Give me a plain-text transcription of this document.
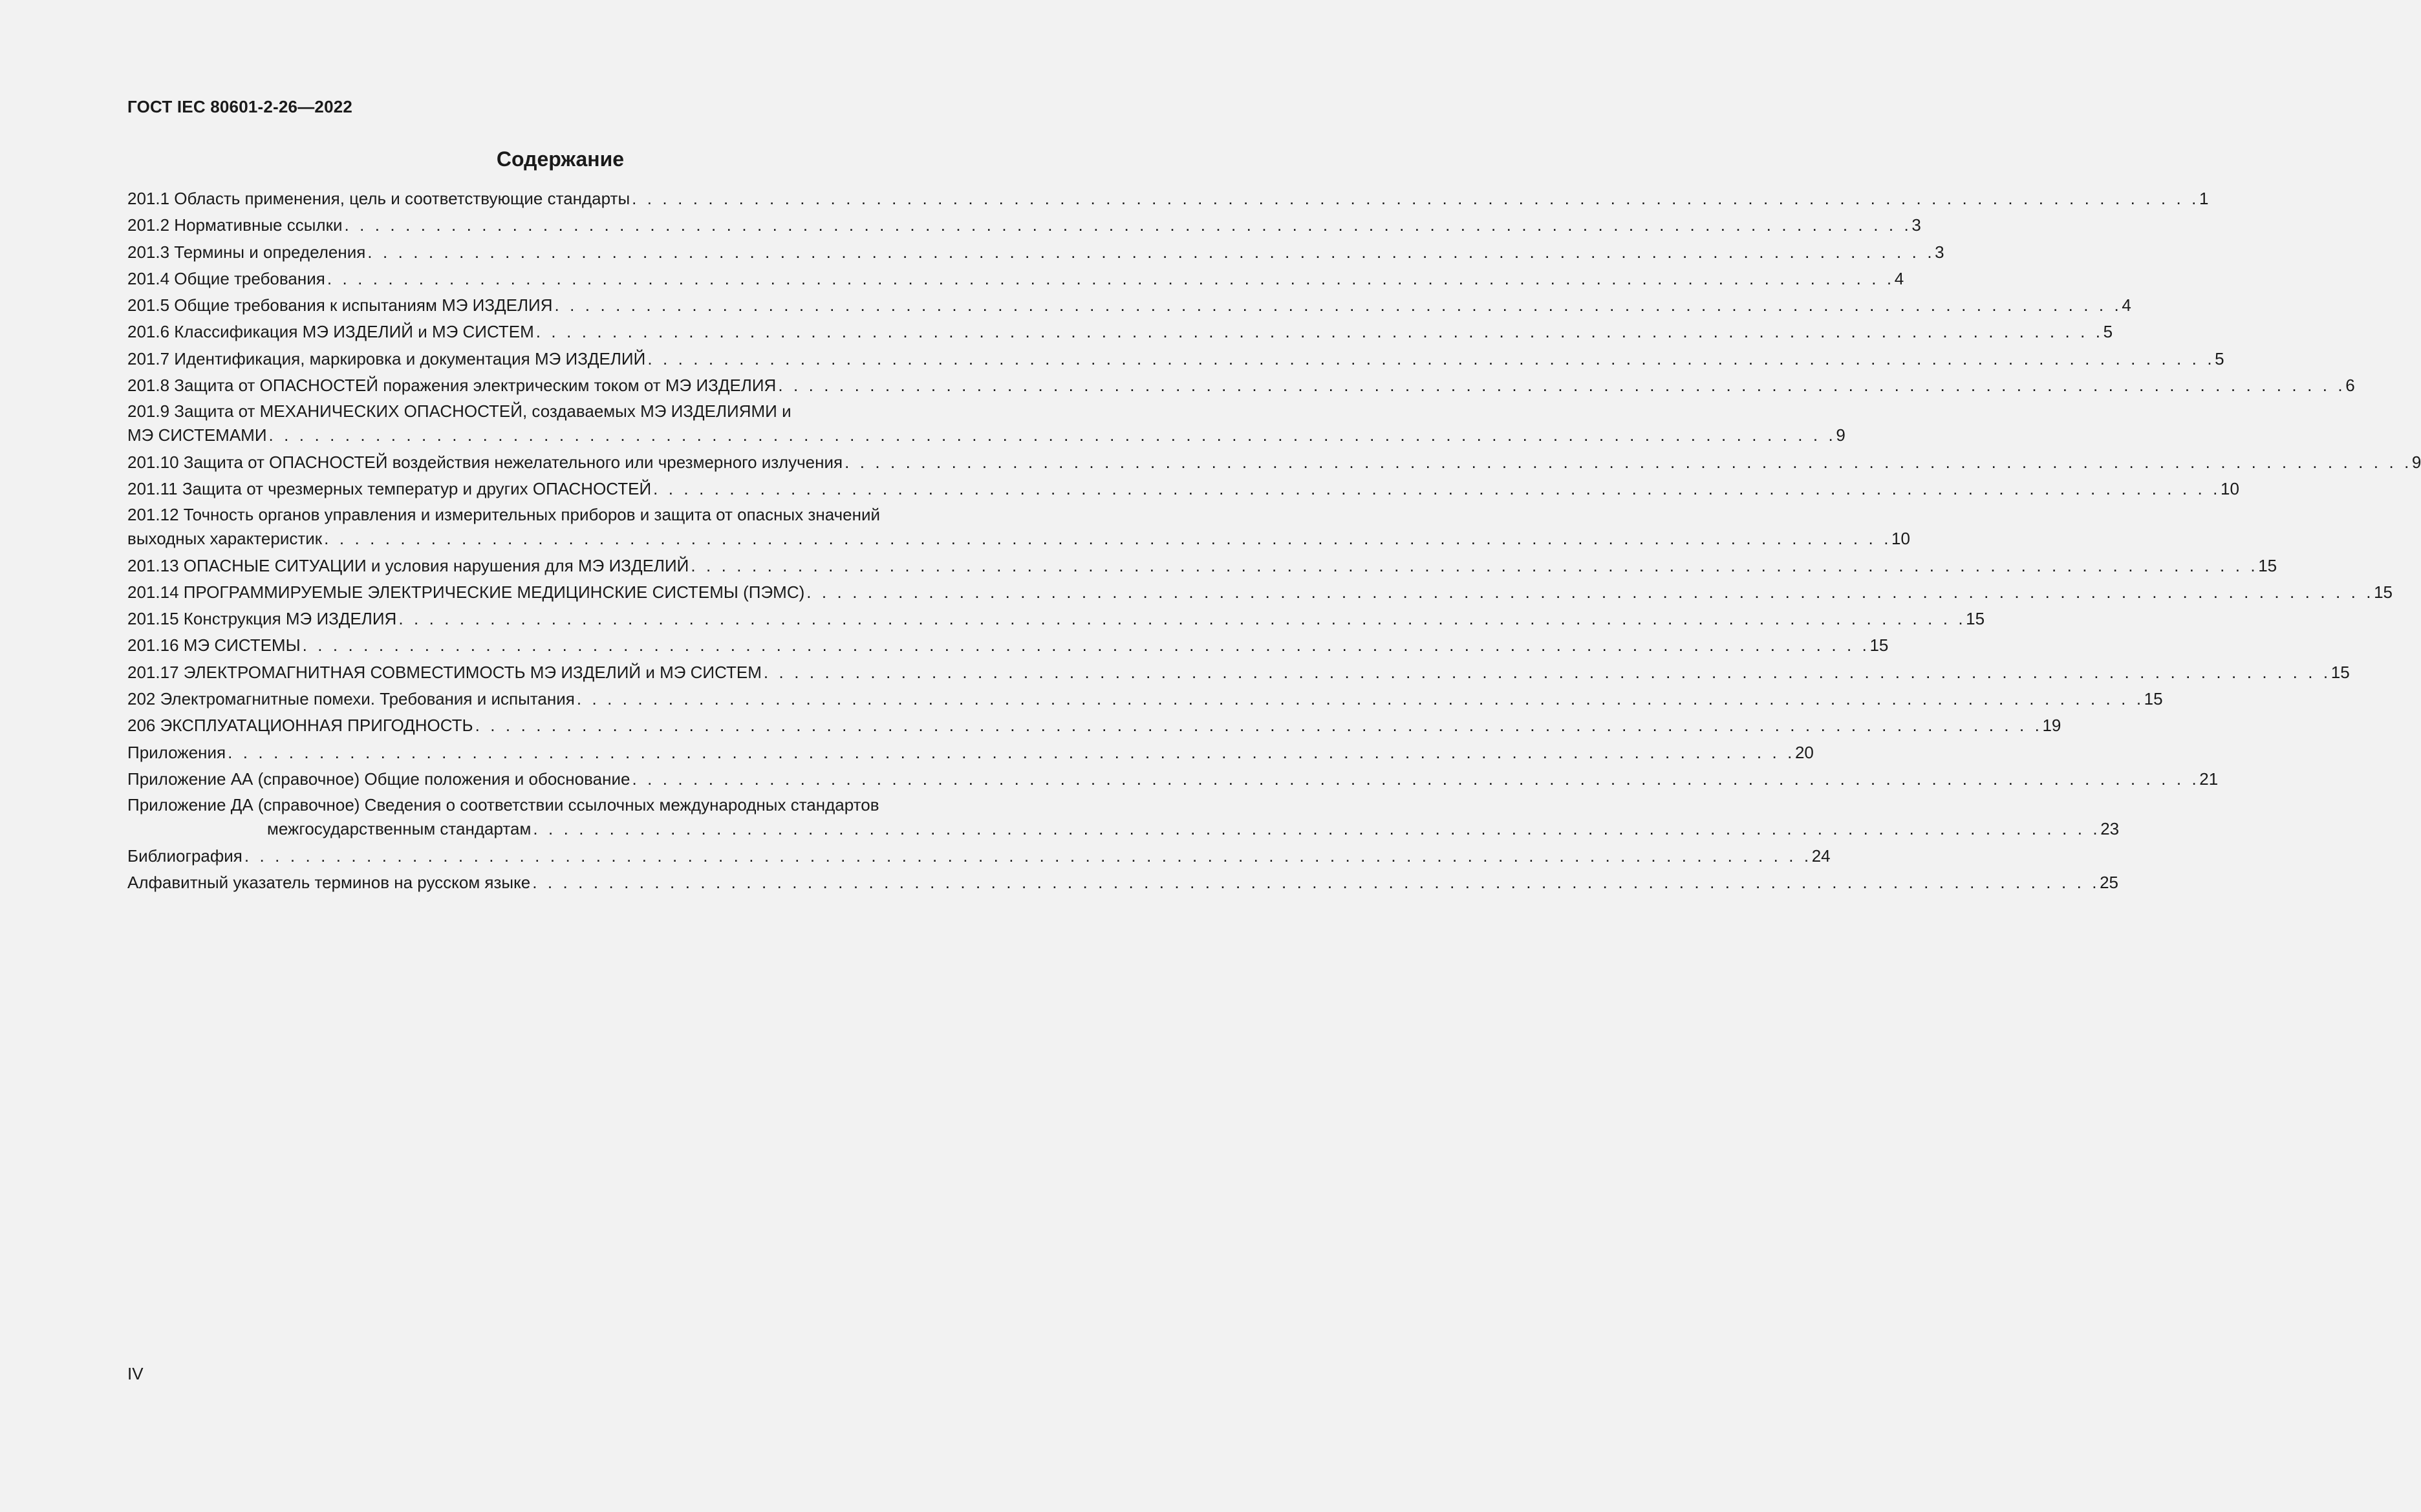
ГОСТ IEC 80601-2-26—2022
Содержание
201.1 Область применения, цель и соответствующие стандарты . . . . . . . . . . . . . . . . . . . . . . . . . . . . . . . . . . . . . . . . . . . . . . . . . . . . . . . . . . . . . . . . . . . . . . . . . . . . . . . . . . . . . . . . . . . . . . . . . . . . . . . 1
201.2 Нормативные ссылки . . . . . . . . . . . . . . . . . . . . . . . . . . . . . . . . . . . . . . . . . . . . . . . . . . . . . . . . . . . . . . . . . . . . . . . . . . . . . . . . . . . . . . . . . . . . . . . . . . . . . . . 3
201.3 Термины и определения . . . . . . . . . . . . . . . . . . . . . . . . . . . . . . . . . . . . . . . . . . . . . . . . . . . . . . . . . . . . . . . . . . . . . . . . . . . . . . . . . . . . . . . . . . . . . . . . . . . . . . . 3
201.4 Общие требования . . . . . . . . . . . . . . . . . . . . . . . . . . . . . . . . . . . . . . . . . . . . . . . . . . . . . . . . . . . . . . . . . . . . . . . . . . . . . . . . . . . . . . . . . . . . . . . . . . . . . . . 4
201.5 Общие требования к испытаниям МЭ ИЗДЕЛИЯ . . . . . . . . . . . . . . . . . . . . . . . . . . . . . . . . . . . . . . . . . . . . . . . . . . . . . . . . . . . . . . . . . . . . . . . . . . . . . . . . . . . . . . . . . . . . . . . . . . . . . . . 4
201.6 Классификация МЭ ИЗДЕЛИЙ и МЭ СИСТЕМ . . . . . . . . . . . . . . . . . . . . . . . . . . . . . . . . . . . . . . . . . . . . . . . . . . . . . . . . . . . . . . . . . . . . . . . . . . . . . . . . . . . . . . . . . . . . . . . . . . . . . . . 5
201.7 Идентификация, маркировка и документация МЭ ИЗДЕЛИЙ . . . . . . . . . . . . . . . . . . . . . . . . . . . . . . . . . . . . . . . . . . . . . . . . . . . . . . . . . . . . . . . . . . . . . . . . . . . . . . . . . . . . . . . . . . . . . . . . . . . . . . . 5
201.8 Защита от ОПАСНОСТЕЙ поражения электрическим током от МЭ ИЗДЕЛИЯ . . . . . . . . . . . . . . . . . . . . . . . . . . . . . . . . . . . . . . . . . . . . . . . . . . . . . . . . . . . . . . . . . . . . . . . . . . . . . . . . . . . . . . . . . . . . . . . . . . . . . . . 6
201.9 Защита от МЕХАНИЧЕСКИХ ОПАСНОСТЕЙ, создаваемых МЭ ИЗДЕЛИЯМИ и
МЭ СИСТЕМАМИ . . . . . . . . . . . . . . . . . . . . . . . . . . . . . . . . . . . . . . . . . . . . . . . . . . . . . . . . . . . . . . . . . . . . . . . . . . . . . . . . . . . . . . . . . . . . . . . . . . . . . . . 9
201.10 Защита от ОПАСНОСТЕЙ воздействия нежелательного или чрезмерного излучения . . . . . . . . . . . . . . . . . . . . . . . . . . . . . . . . . . . . . . . . . . . . . . . . . . . . . . . . . . . . . . . . . . . . . . . . . . . . . . . . . . . . . . . . . . . . . . . . . . . . . . . 9
201.11 Защита от чрезмерных температур и других ОПАСНОСТЕЙ . . . . . . . . . . . . . . . . . . . . . . . . . . . . . . . . . . . . . . . . . . . . . . . . . . . . . . . . . . . . . . . . . . . . . . . . . . . . . . . . . . . . . . . . . . . . . . . . . . . . . . . 10
201.12 Точность органов управления и измерительных приборов и защита от опасных значений
выходных характеристик . . . . . . . . . . . . . . . . . . . . . . . . . . . . . . . . . . . . . . . . . . . . . . . . . . . . . . . . . . . . . . . . . . . . . . . . . . . . . . . . . . . . . . . . . . . . . . . . . . . . . . . 10
201.13 ОПАСНЫЕ СИТУАЦИИ и условия нарушения для МЭ ИЗДЕЛИЙ . . . . . . . . . . . . . . . . . . . . . . . . . . . . . . . . . . . . . . . . . . . . . . . . . . . . . . . . . . . . . . . . . . . . . . . . . . . . . . . . . . . . . . . . . . . . . . . . . . . . . . . 15
201.14 ПРОГРАММИРУЕМЫЕ ЭЛЕКТРИЧЕСКИЕ МЕДИЦИНСКИЕ СИСТЕМЫ (ПЭМС) . . . . . . . . . . . . . . . . . . . . . . . . . . . . . . . . . . . . . . . . . . . . . . . . . . . . . . . . . . . . . . . . . . . . . . . . . . . . . . . . . . . . . . . . . . . . . . . . . . . . . . . 15
201.15 Конструкция МЭ ИЗДЕЛИЯ . . . . . . . . . . . . . . . . . . . . . . . . . . . . . . . . . . . . . . . . . . . . . . . . . . . . . . . . . . . . . . . . . . . . . . . . . . . . . . . . . . . . . . . . . . . . . . . . . . . . . . . 15
201.16 МЭ СИСТЕМЫ . . . . . . . . . . . . . . . . . . . . . . . . . . . . . . . . . . . . . . . . . . . . . . . . . . . . . . . . . . . . . . . . . . . . . . . . . . . . . . . . . . . . . . . . . . . . . . . . . . . . . . . 15
201.17 ЭЛЕКТРОМАГНИТНАЯ СОВМЕСТИМОСТЬ МЭ ИЗДЕЛИЙ и МЭ СИСТЕМ . . . . . . . . . . . . . . . . . . . . . . . . . . . . . . . . . . . . . . . . . . . . . . . . . . . . . . . . . . . . . . . . . . . . . . . . . . . . . . . . . . . . . . . . . . . . . . . . . . . . . . . 15
202 Электромагнитные помехи. Требования и испытания . . . . . . . . . . . . . . . . . . . . . . . . . . . . . . . . . . . . . . . . . . . . . . . . . . . . . . . . . . . . . . . . . . . . . . . . . . . . . . . . . . . . . . . . . . . . . . . . . . . . . . . 15
206 ЭКСПЛУАТАЦИОННАЯ ПРИГОДНОСТЬ . . . . . . . . . . . . . . . . . . . . . . . . . . . . . . . . . . . . . . . . . . . . . . . . . . . . . . . . . . . . . . . . . . . . . . . . . . . . . . . . . . . . . . . . . . . . . . . . . . . . . . . 19
Приложения . . . . . . . . . . . . . . . . . . . . . . . . . . . . . . . . . . . . . . . . . . . . . . . . . . . . . . . . . . . . . . . . . . . . . . . . . . . . . . . . . . . . . . . . . . . . . . . . . . . . . . . 20
Приложение АА (справочное) Общие положения и обоснование . . . . . . . . . . . . . . . . . . . . . . . . . . . . . . . . . . . . . . . . . . . . . . . . . . . . . . . . . . . . . . . . . . . . . . . . . . . . . . . . . . . . . . . . . . . . . . . . . . . . . . . 21
Приложение ДА (справочное) Сведения о соответствии ссылочных международных стандартов
межгосударственным стандартам . . . . . . . . . . . . . . . . . . . . . . . . . . . . . . . . . . . . . . . . . . . . . . . . . . . . . . . . . . . . . . . . . . . . . . . . . . . . . . . . . . . . . . . . . . . . . . . . . . . . . . . 23
Библиография . . . . . . . . . . . . . . . . . . . . . . . . . . . . . . . . . . . . . . . . . . . . . . . . . . . . . . . . . . . . . . . . . . . . . . . . . . . . . . . . . . . . . . . . . . . . . . . . . . . . . . . 24
Алфавитный указатель терминов на русском языке . . . . . . . . . . . . . . . . . . . . . . . . . . . . . . . . . . . . . . . . . . . . . . . . . . . . . . . . . . . . . . . . . . . . . . . . . . . . . . . . . . . . . . . . . . . . . . . . . . . . . . . 25
IV
